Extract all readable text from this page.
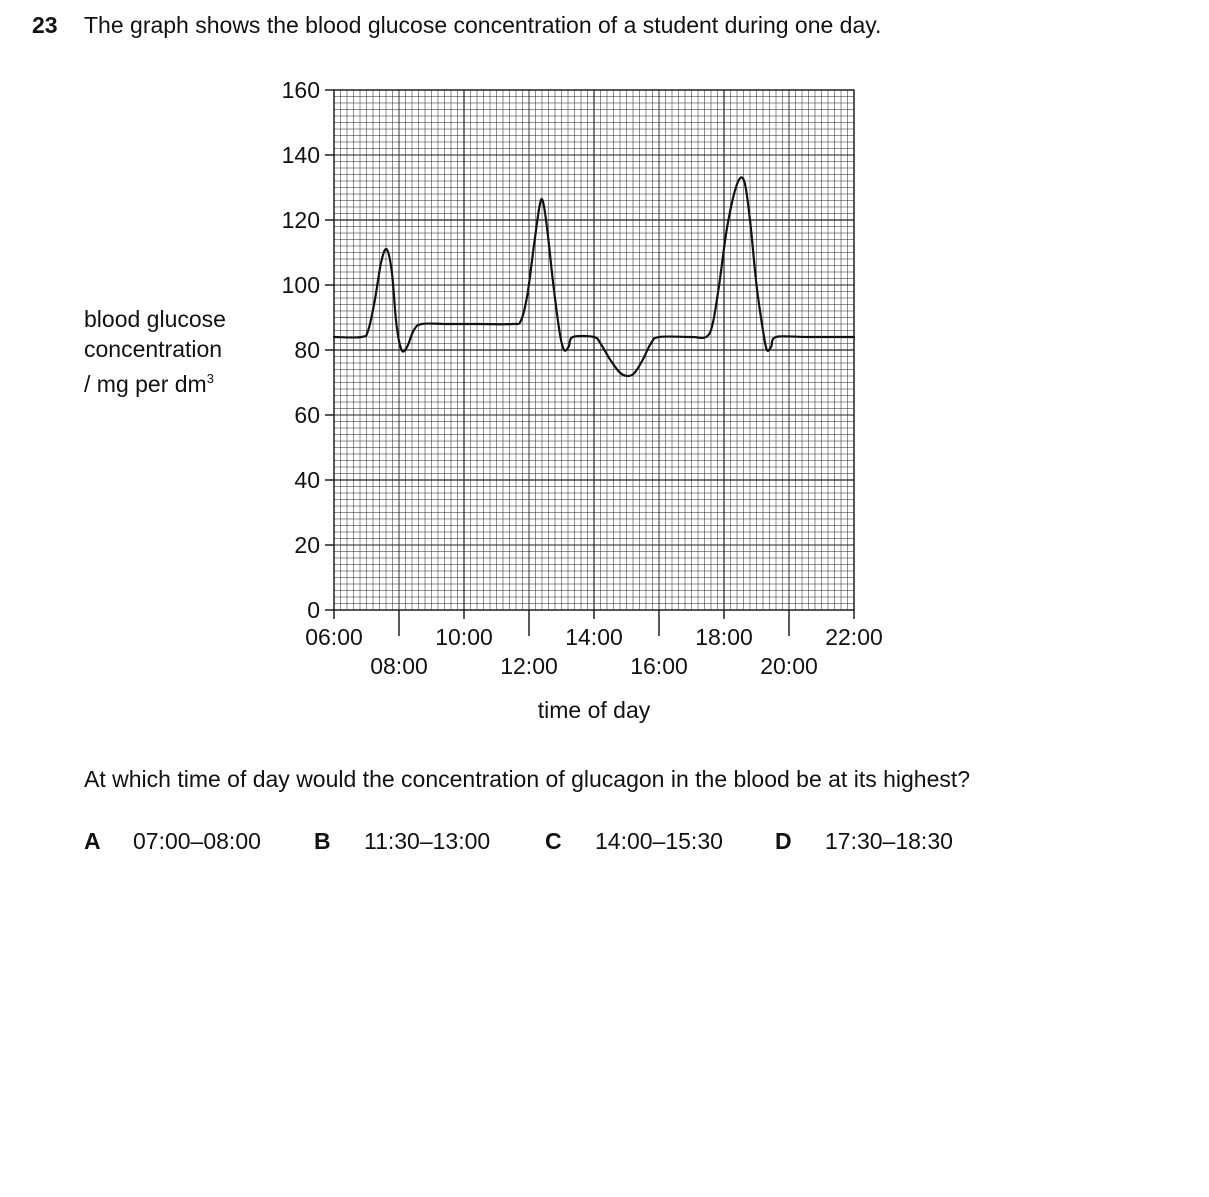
23 The graph shows the blood glucose concentration of a student during one day.
blood glucose
concentration
/ mg per $dm^3$
0
20
40
60
80
100
120
140
160
06:00
08:00
10:00
12:00
14:00
16:00
18:00
20:00
22:00
time of day
At which time of day would the concentration of glucagon in the blood be at its highest?
A 07:00–08:00 B 11:30–13:00 C 14:00–15:30 D 17:30–18:30
